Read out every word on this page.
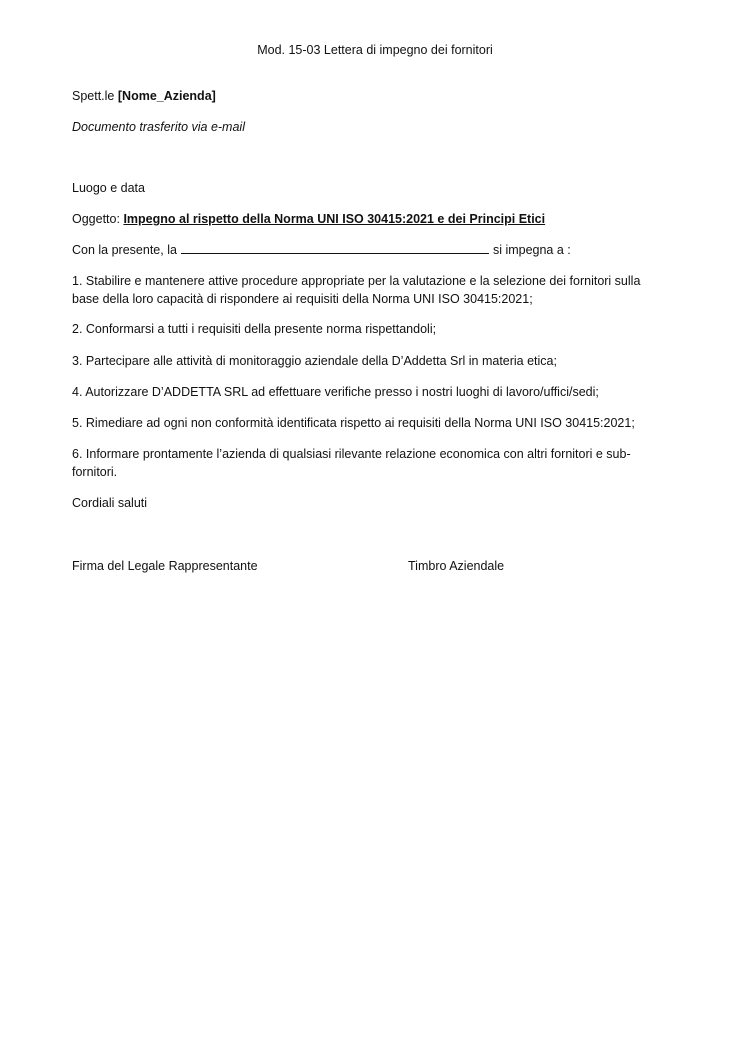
Mod. 15-03 Lettera di impegno dei fornitori
Spett.le [Nome_Azienda]
Documento trasferito via e-mail
Luogo e data
Oggetto: Impegno al rispetto della Norma UNI ISO 30415:2021 e dei Principi Etici
Con la presente, la	si impegna a :
1. Stabilire e mantenere attive procedure appropriate per la valutazione e la selezione dei fornitori sulla base della loro capacità di rispondere ai requisiti della Norma UNI ISO 30415:2021;
2. Conformarsi a tutti i requisiti della presente norma rispettandoli;
3. Partecipare alle attività di monitoraggio aziendale della D’Addetta Srl in materia etica;
4. Autorizzare D’ADDETTA SRL ad effettuare verifiche presso i nostri luoghi di lavoro/uffici/sedi;
5. Rimediare ad ogni non conformità identificata rispetto ai requisiti della Norma UNI ISO 30415:2021;
6. Informare prontamente l’azienda di qualsiasi rilevante relazione economica con altri fornitori e sub-fornitori.
Cordiali saluti
Firma del Legale Rappresentante	Timbro Aziendale
